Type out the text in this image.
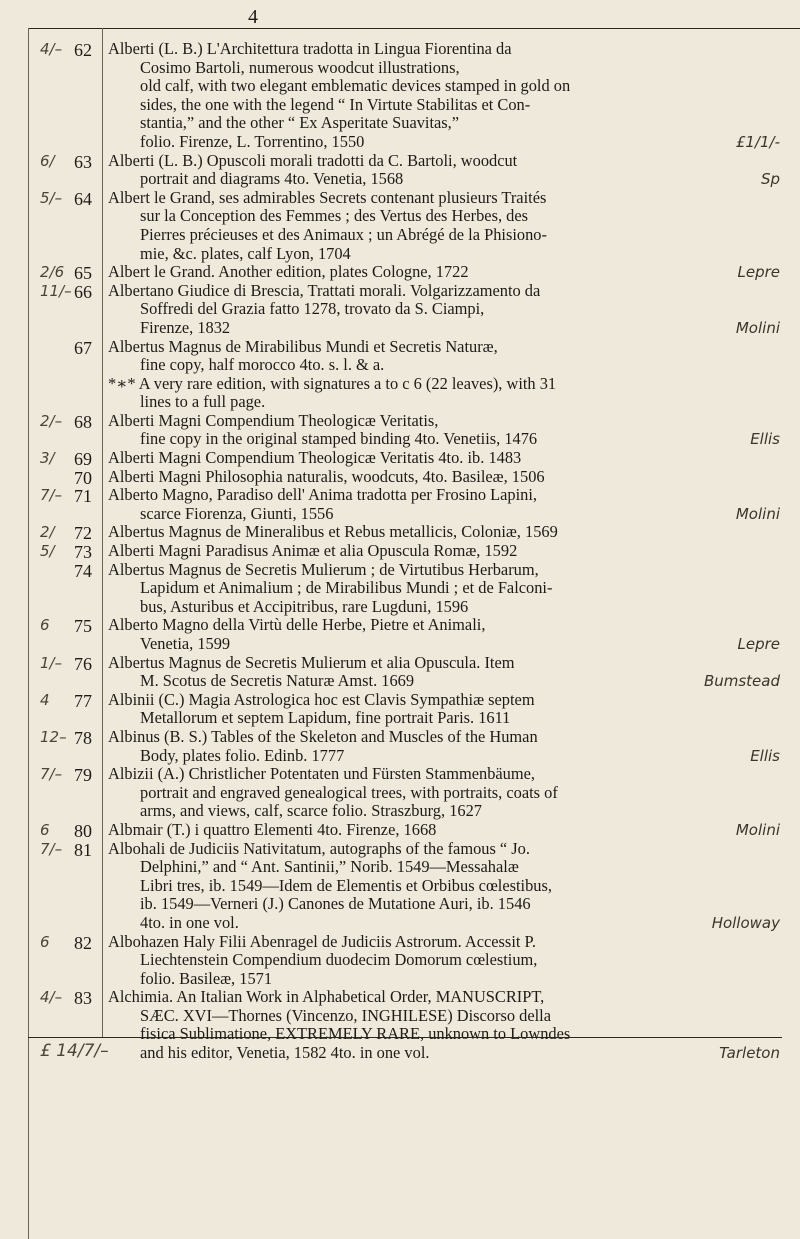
4
4/– 62 Alberti (L. B.) L'Architettura tradotta in Lingua Fiorentina da
Cosimo Bartoli, numerous woodcut illustrations,
old calf, with two elegant emblematic devices stamped in gold on
sides, the one with the legend “ In Virtute Stabilitas et Con-
stantia,” and the other “ Ex Asperitate Suavitas,”
folio. Firenze, L. Torrentino, 1550	£1/1/-
6/	63 Alberti (L. B.) Opuscoli morali tradotti da C. Bartoli, woodcut
portrait and diagrams 4to. Venetia, 1568	Sp
5/– 64 Albert le Grand, ses admirables Secrets contenant plusieurs Traités
sur la Conception des Femmes ; des Vertus des Herbes, des
Pierres précieuses et des Animaux ; un Abrégé de la Phisiono-
mie, &c. plates, calf Lyon, 1704
2/6 65 Albert le Grand. Another edition, plates Cologne, 1722	Lepre
11/– 66 Albertano Giudice di Brescia, Trattati morali. Volgarizzamento da
Soffredi del Grazia fatto 1278, trovato da S. Ciampi,
Firenze, 1832	Molini
67 Albertus Magnus de Mirabilibus Mundi et Secretis Naturæ,
fine copy, half morocco 4to. s. l. & a.
*∗* A very rare edition, with signatures a to c 6 (22 leaves), with 31
lines to a full page.
2/– 68 Alberti Magni Compendium Theologicæ Veritatis,
fine copy in the original stamped binding 4to. Venetiis, 1476	Ellis
3/	69 Alberti Magni Compendium Theologicæ Veritatis 4to. ib. 1483
70 Alberti Magni Philosophia naturalis, woodcuts, 4to. Basileæ, 1506
7/– 71 Alberto Magno, Paradiso dell' Anima tradotta per Frosino Lapini,
scarce Fiorenza, Giunti, 1556	Molini
2/	72 Albertus Magnus de Mineralibus et Rebus metallicis, Coloniæ, 1569
5/	73 Alberti Magni Paradisus Animæ et alia Opuscula Romæ, 1592
74 Albertus Magnus de Secretis Mulierum ; de Virtutibus Herbarum,
Lapidum et Animalium ; de Mirabilibus Mundi ; et de Falconi-
bus, Asturibus et Accipitribus, rare Lugduni, 1596
6	75 Alberto Magno della Virtù delle Herbe, Pietre et Animali,
Venetia, 1599	Lepre
1/– 76 Albertus Magnus de Secretis Mulierum et alia Opuscula. Item
M. Scotus de Secretis Naturæ Amst. 1669	Bumstead
4	77 Albinii (C.) Magia Astrologica hoc est Clavis Sympathiæ septem
Metallorum et septem Lapidum, fine portrait Paris. 1611
12– 78 Albinus (B. S.) Tables of the Skeleton and Muscles of the Human
Body, plates folio. Edinb. 1777	Ellis
7/– 79 Albizii (A.) Christlicher Potentaten und Fürsten Stammenbäume,
portrait and engraved genealogical trees, with portraits, coats of
arms, and views, calf, scarce folio. Straszburg, 1627
6	80 Albmair (T.) i quattro Elementi 4to. Firenze, 1668	Molini
7/– 81 Albohali de Judiciis Nativitatum, autographs of the famous “ Jo.
Delphini,” and “ Ant. Santinii,” Norib. 1549—Messahalæ
Libri tres, ib. 1549—Idem de Elementis et Orbibus cœlestibus,
ib. 1549—Verneri (J.) Canones de Mutatione Auri, ib. 1546
4to. in one vol.	Holloway
6	82 Albohazen Haly Filii Abenragel de Judiciis Astrorum. Accessit P.
Liechtenstein Compendium duodecim Domorum cœlestium,
folio. Basileæ, 1571
4/– 83 Alchimia. An Italian Work in Alphabetical Order, MANUSCRIPT,
SÆC. XVI—Thornes (Vincenzo, INGHILESE) Discorso della
fisica Sublimatione, EXTREMELY RARE, unknown to Lowndes
and his editor, Venetia, 1582 4to. in one vol.	Tarleton
£ 14/7/–
